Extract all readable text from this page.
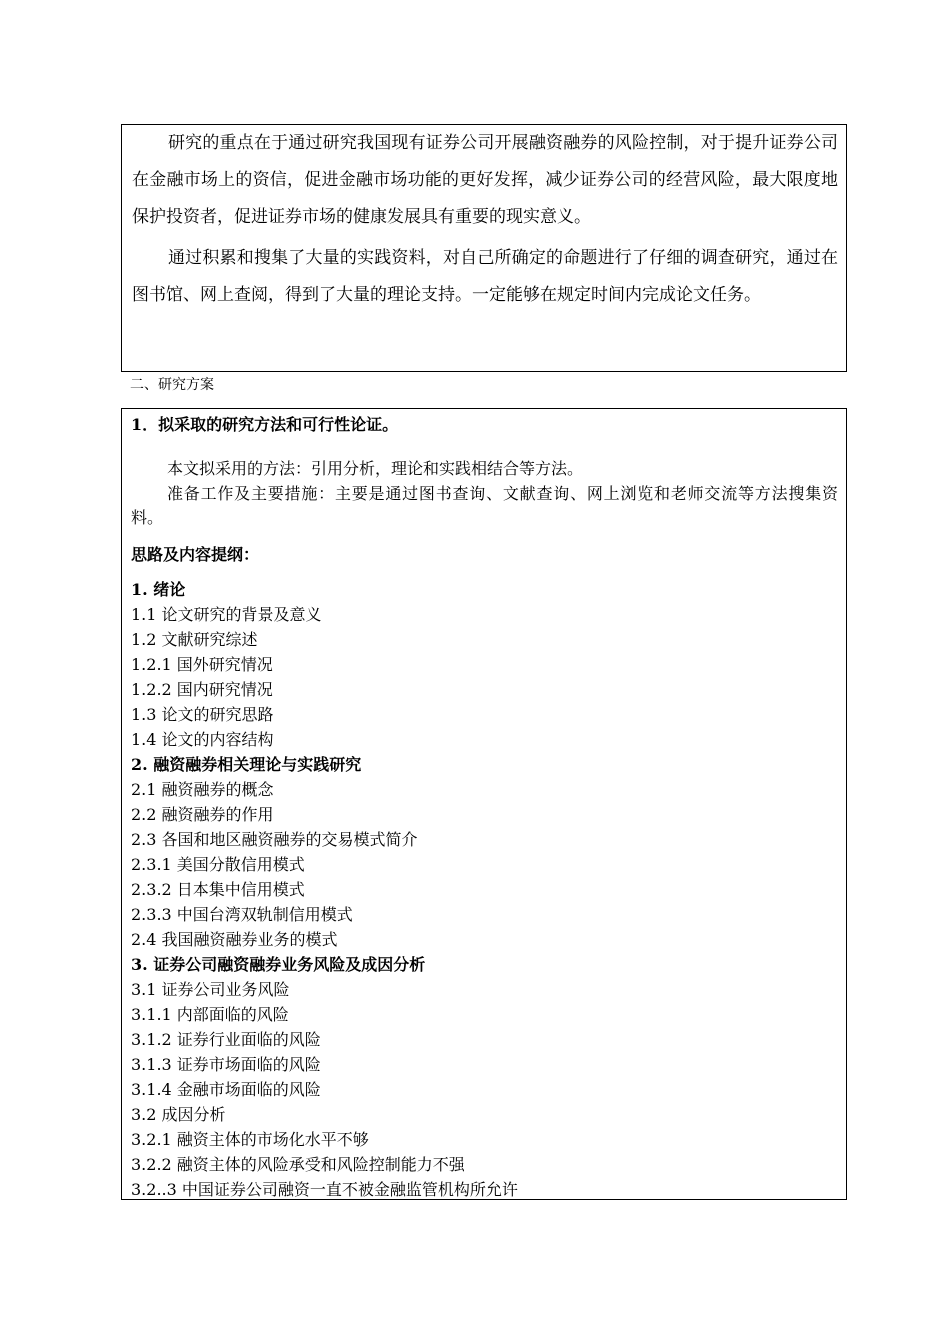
研究的重点在于通过研究我国现有证券公司开展融资融券的风险控制，对于提升证券公司在金融市场上的资信，促进金融市场功能的更好发挥，减少证券公司的经营风险，最大限度地保护投资者，促进证券市场的健康发展具有重要的现实意义。
通过积累和搜集了大量的实践资料，对自己所确定的命题进行了仔细的调查研究，通过在图书馆、网上查阅，得到了大量的理论支持。一定能够在规定时间内完成论文任务。
二、研究方案
1．拟采取的研究方法和可行性论证。
本文拟采用的方法：引用分析，理论和实践相结合等方法。
准备工作及主要措施：主要是通过图书查询、文献查询、网上浏览和老师交流等方法搜集资料。
思路及内容提纲：
1. 绪论
1.1 论文研究的背景及意义
1.2 文献研究综述
1.2.1 国外研究情况
1.2.2 国内研究情况
1.3 论文的研究思路
1.4 论文的内容结构
2. 融资融券相关理论与实践研究
2.1 融资融券的概念
2.2 融资融券的作用
2.3 各国和地区融资融券的交易模式简介
2.3.1 美国分散信用模式
2.3.2 日本集中信用模式
2.3.3 中国台湾双轨制信用模式
2.4 我国融资融券业务的模式
3. 证券公司融资融券业务风险及成因分析
3.1 证券公司业务风险
3.1.1 内部面临的风险
3.1.2 证券行业面临的风险
3.1.3 证券市场面临的风险
3.1.4 金融市场面临的风险
3.2 成因分析
3.2.1 融资主体的市场化水平不够
3.2.2 融资主体的风险承受和风险控制能力不强
3.2..3 中国证券公司融资一直不被金融监管机构所允许
